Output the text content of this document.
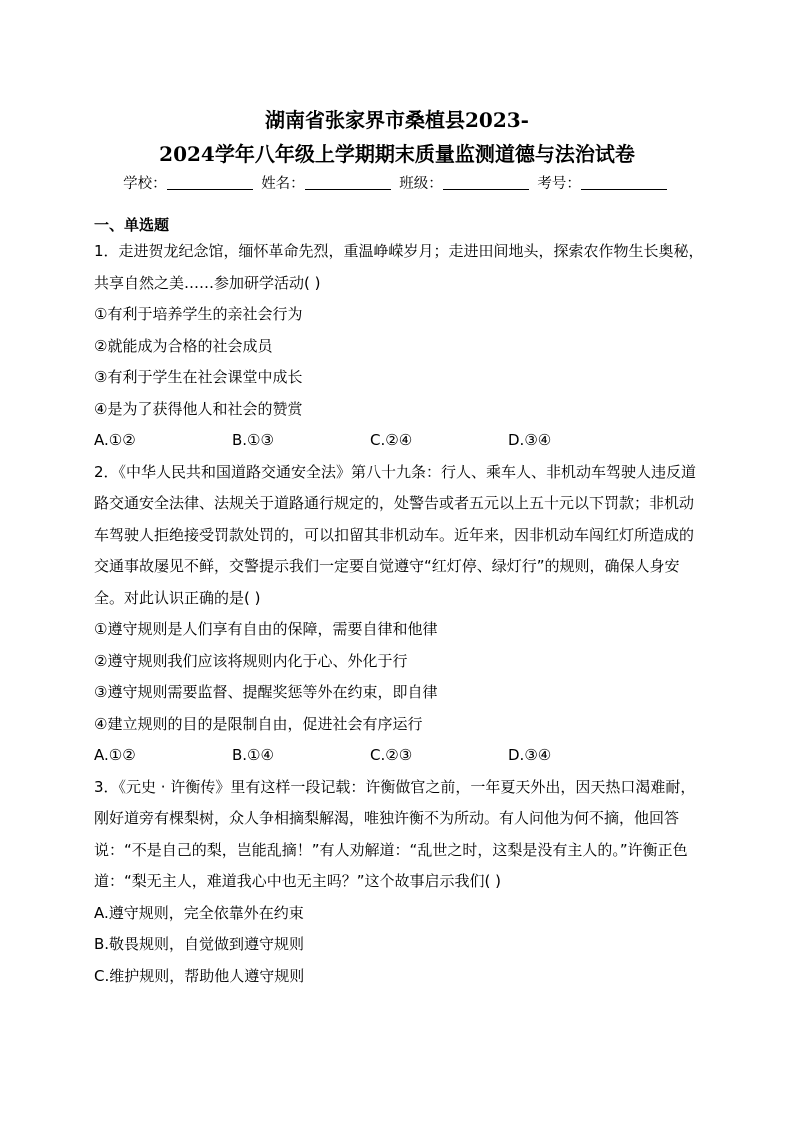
湖南省张家界市桑植县2023-
2024学年八年级上学期期末质量监测道德与法治试卷
学校：	姓名：	班级：	考号：
一、单选题

1．走进贺龙纪念馆，缅怀革命先烈，重温峥嵘岁月；走进田间地头，探索农作物生长奥秘，共享自然之美……参加研学活动( )

①有利于培养学生的亲社会行为

②就能成为合格的社会成员

③有利于学生在社会课堂中成长

④是为了获得他人和社会的赞赏

A.①②	B.①③	C.②④	D.③④

2．《中华人民共和国道路交通安全法》第八十九条：行人、乘车人、非机动车驾驶人违反道路交通安全法律、法规关于道路通行规定的，处警告或者五元以上五十元以下罚款；非机动车驾驶人拒绝接受罚款处罚的，可以扣留其非机动车。近年来，因非机动车闯红灯所造成的交通事故屡见不鲜，交警提示我们一定要自觉遵守“红灯停、绿灯行”的规则，确保人身安全。对此认识正确的是( )

①遵守规则是人们享有自由的保障，需要自律和他律

②遵守规则我们应该将规则内化于心、外化于行

③遵守规则需要监督、提醒奖惩等外在约束，即自律

④建立规则的目的是限制自由，促进社会有序运行

A.①②	B.①④	C.②③	D.③④

3．《元史 · 许衡传》里有这样一段记载：许衡做官之前，一年夏天外出，因天热口渴难耐，刚好道旁有棵梨树，众人争相摘梨解渴，唯独许衡不为所动。有人问他为何不摘，他回答说：“不是自己的梨，岂能乱摘！”有人劝解道：“乱世之时，这梨是没有主人的。”许衡正色道：“梨无主人，难道我心中也无主吗？”这个故事启示我们( )

A.遵守规则，完全依靠外在约束

B.敬畏规则，自觉做到遵守规则

C.维护规则，帮助他人遵守规则
